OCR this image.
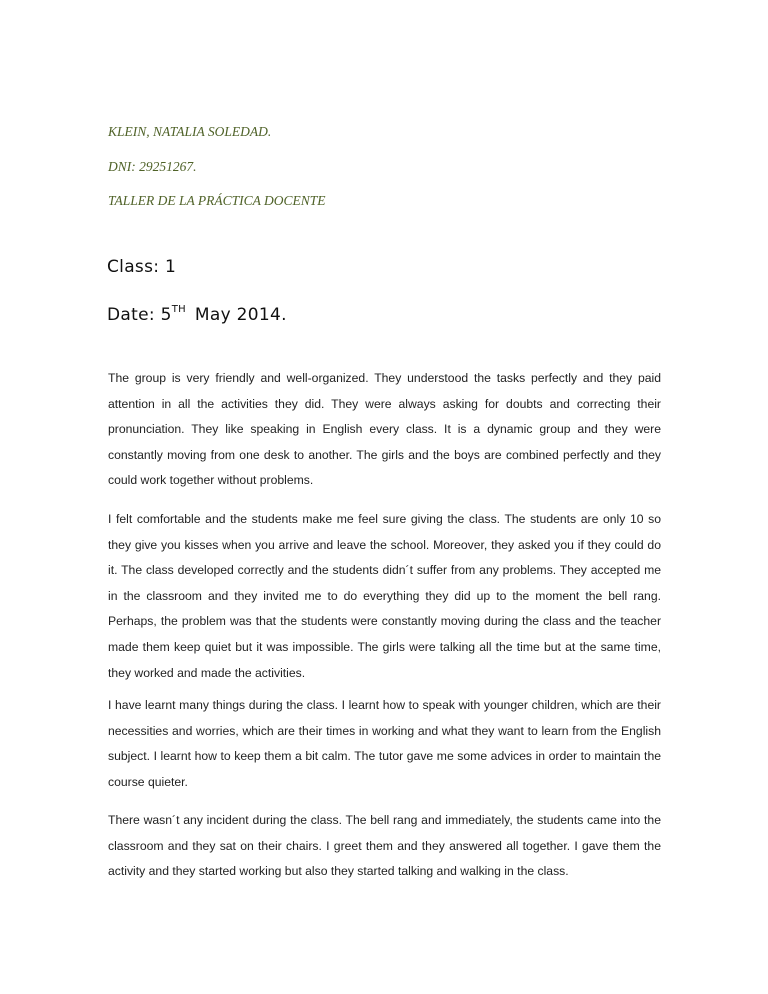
KLEIN, NATALIA SOLEDAD.
DNI: 29251267.
TALLER DE LA PRÁCTICA DOCENTE
Class: 1
Date: 5TH May 2014.

The group is very friendly and well-organized. They understood the tasks perfectly and they paid attention in all the activities they did. They were always asking for doubts and correcting their pronunciation. They like speaking in English every class. It is a dynamic group and they were constantly moving from one desk to another. The girls and the boys are combined perfectly and they could work together without problems.

I felt comfortable and the students make me feel sure giving the class. The students are only 10 so they give you kisses when you arrive and leave the school. Moreover, they asked you if they could do it. The class developed correctly and the students didn´t suffer from any problems. They accepted me in the classroom and they invited me to do everything they did up to the moment the bell rang. Perhaps, the problem was that the students were constantly moving during the class and the teacher made them keep quiet but it was impossible. The girls were talking all the time but at the same time, they worked and made the activities.

I have learnt many things during the class. I learnt how to speak with younger children, which are their necessities and worries, which are their times in working and what they want to learn from the English subject. I learnt how to keep them a bit calm. The tutor gave me some advices in order to maintain the course quieter.

There wasn´t any incident during the class. The bell rang and immediately, the students came into the classroom and they sat on their chairs. I greet them and they answered all together. I gave them the activity and they started working but also they started talking and walking in the class.
